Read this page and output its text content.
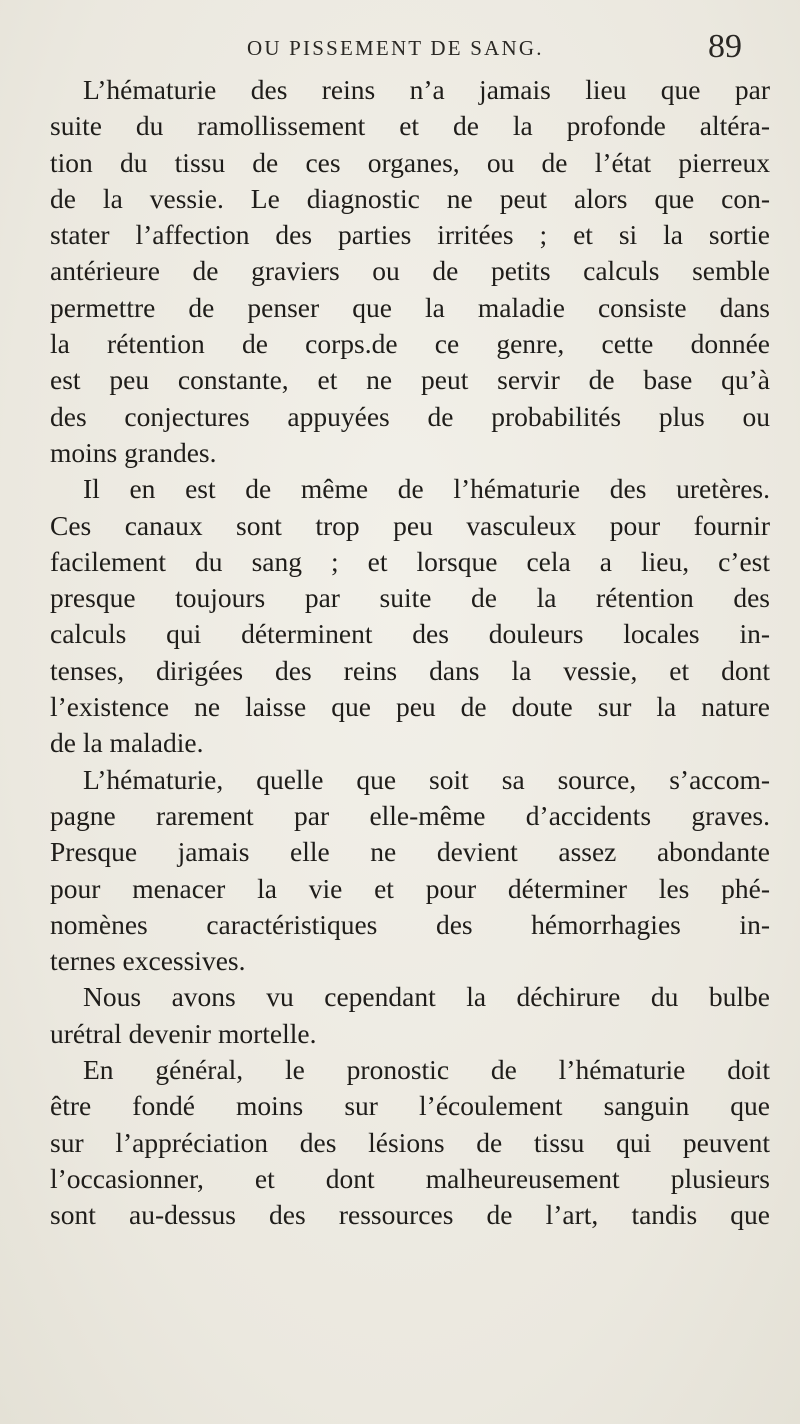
OU PISSEMENT DE SANG.	89
L’hématurie des reins n’a jamais lieu que par
suite du ramollissement et de la profonde altéra-
tion du tissu de ces organes, ou de l’état pierreux
de la vessie. Le diagnostic ne peut alors que con-
stater l’affection des parties irritées ; et si la sortie
antérieure de graviers ou de petits calculs semble
permettre de penser que la maladie consiste dans
la rétention de corps.de ce genre, cette donnée
est peu constante, et ne peut servir de base qu’à
des conjectures appuyées de probabilités plus ou
moins grandes.
Il en est de même de l’hématurie des uretères.
Ces canaux sont trop peu vasculeux pour fournir
facilement du sang ; et lorsque cela a lieu, c’est
presque toujours par suite de la rétention des
calculs qui déterminent des douleurs locales in-
tenses, dirigées des reins dans la vessie, et dont
l’existence ne laisse que peu de doute sur la nature
de la maladie.
L’hématurie, quelle que soit sa source, s’accom-
pagne rarement par elle-même d’accidents graves.
Presque jamais elle ne devient assez abondante
pour menacer la vie et pour déterminer les phé-
nomènes caractéristiques des hémorrhagies in-
ternes excessives.
Nous avons vu cependant la déchirure du bulbe
urétral devenir mortelle.
En général, le pronostic de l’hématurie doit
être fondé moins sur l’écoulement sanguin que
sur l’appréciation des lésions de tissu qui peuvent
l’occasionner, et dont malheureusement plusieurs
sont au-dessus des ressources de l’art, tandis que
